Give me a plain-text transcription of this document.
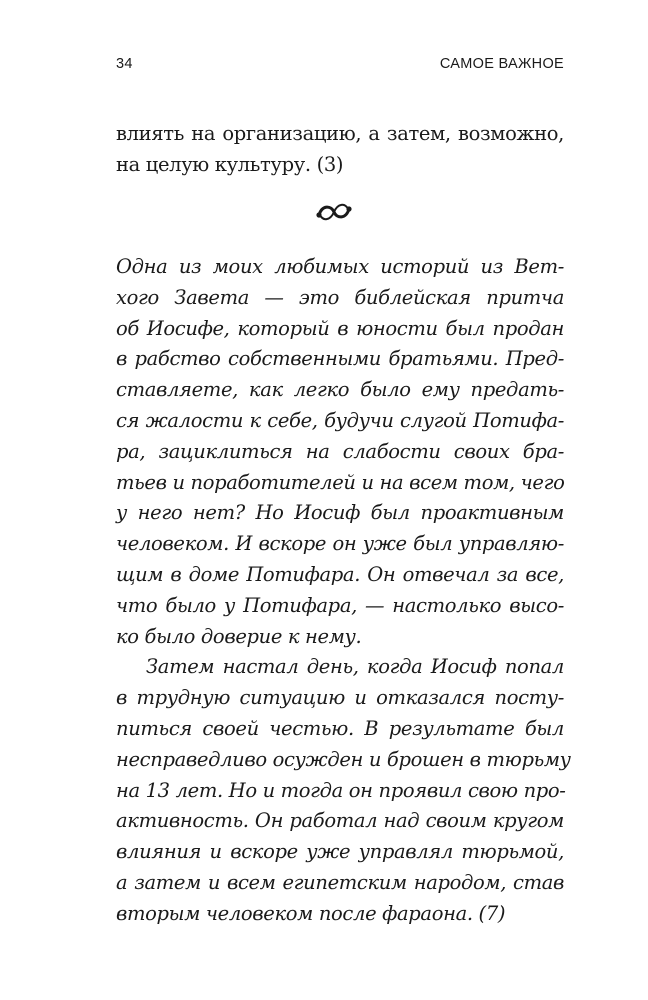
34	САМОЕ ВАЖНОЕ
влиять на организацию, а затем, возможно,
на целую культуру. (3)
Одна из моих любимых историй из Вет-
хого Завета — это библейская притча
об Иосифе, который в юности был продан
в рабство собственными братьями. Пред-
ставляете, как легко было ему предать-
ся жалости к себе, будучи слугой Потифа-
ра, зациклиться на слабости своих бра-
тьев и поработителей и на всем том, чего
у него нет? Но Иосиф был проактивным
человеком. И вскоре он уже был управляю-
щим в доме Потифара. Он отвечал за все,
что было у Потифара, — настолько высо-
ко было доверие к нему.
Затем настал день, когда Иосиф попал
в трудную ситуацию и отказался посту-
питься своей честью. В результате был
несправедливо осужден и брошен в тюрьму
на 13 лет. Но и тогда он проявил свою про-
активность. Он работал над своим кругом
влияния и вскоре уже управлял тюрьмой,
а затем и всем египетским народом, став
вторым человеком после фараона. (7)
